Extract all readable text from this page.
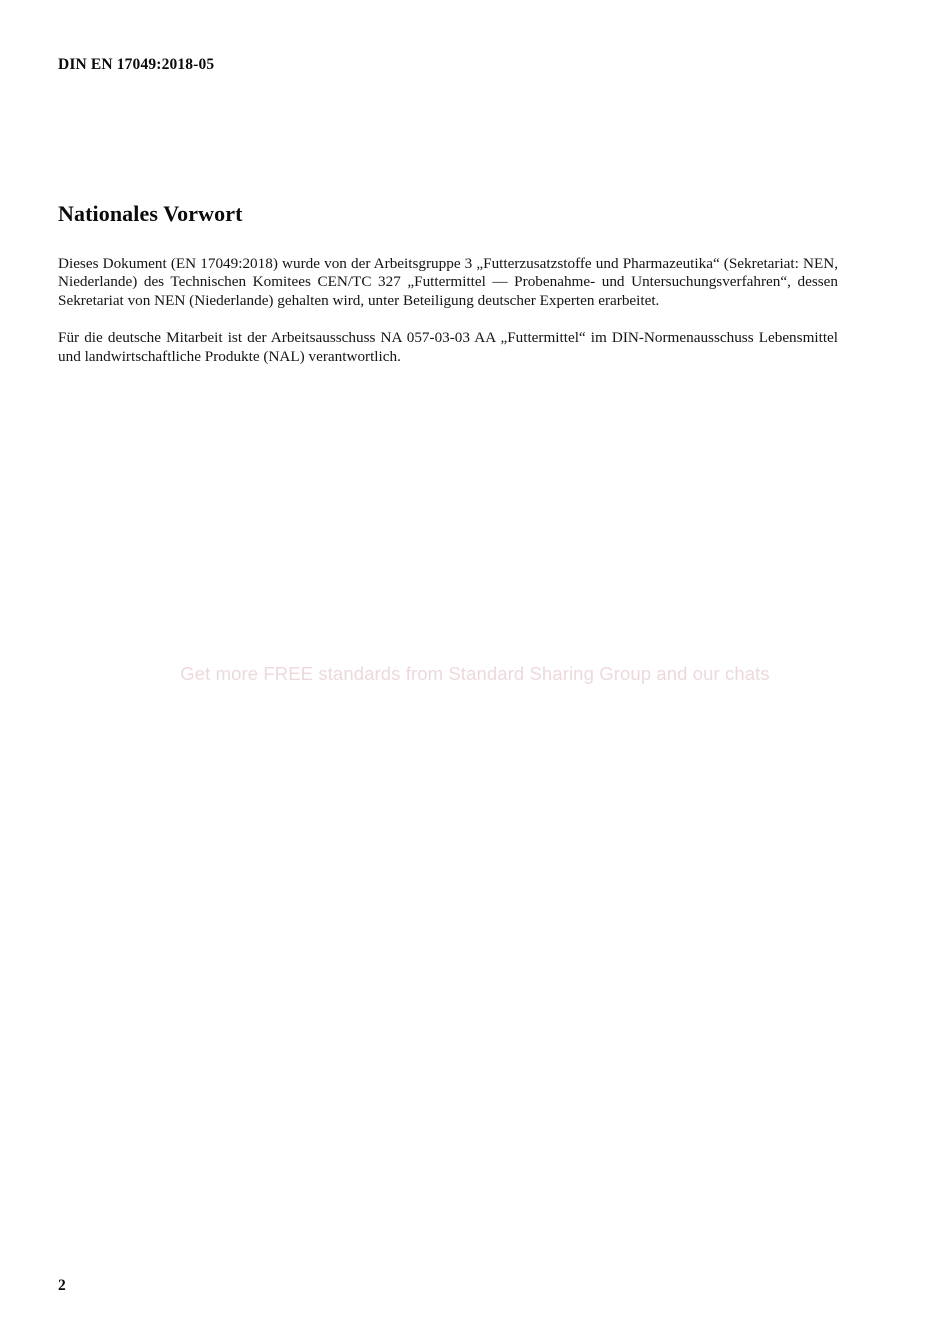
DIN EN 17049:2018-05
Nationales Vorwort

Dieses Dokument (EN 17049:2018) wurde von der Arbeitsgruppe 3 „Futterzusatzstoffe und Pharmazeutika“ (Sekretariat: NEN, Niederlande) des Technischen Komitees CEN/TC 327 „Futtermittel — Probenahme- und Untersuchungsverfahren“, dessen Sekretariat von NEN (Niederlande) gehalten wird, unter Beteiligung deutscher Experten erarbeitet.

Für die deutsche Mitarbeit ist der Arbeitsausschuss NA 057-03-03 AA „Futtermittel“ im DIN-Normenausschuss Lebensmittel und landwirtschaftliche Produkte (NAL) verantwortlich.

Get more FREE standards from Standard Sharing Group and our chats
2
